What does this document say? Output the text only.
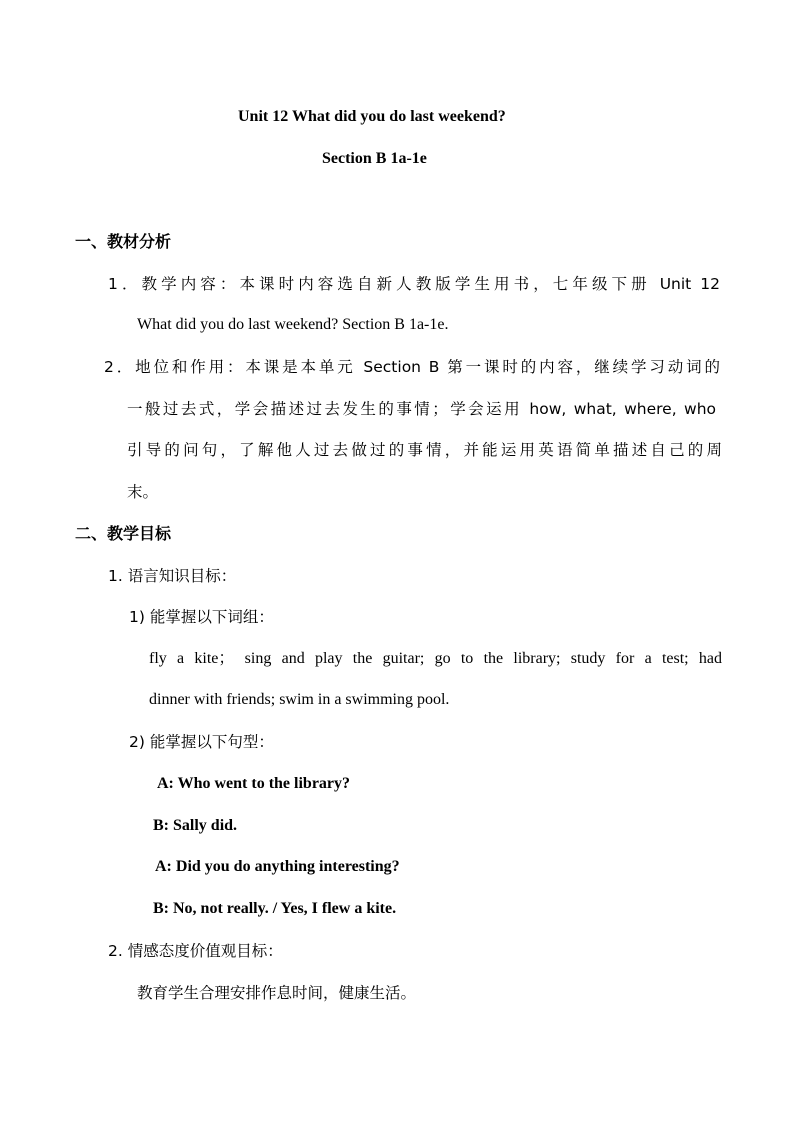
Unit 12 What did you do last weekend?
Section B 1a-1e
一、教材分析
1．教学内容：本课时内容选自新人教版学生用书，七年级下册 Unit 12
What did you do last weekend? Section B 1a-1e.
2．地位和作用：本课是本单元 Section B 第一课时的内容，继续学习动词的
一般过去式，学会描述过去发生的事情；学会运用 how, what, where, who
引导的问句，了解他人过去做过的事情，并能运用英语简单描述自己的周
末。
二、教学目标
1. 语言知识目标：
1) 能掌握以下词组：
fly a kite； sing and play the guitar; go to the library; study for a test; had
dinner with friends; swim in a swimming pool.
2) 能掌握以下句型：
A: Who went to the library?
B: Sally did.
A: Did you do anything interesting?
B: No, not really. / Yes, I flew a kite.
2. 情感态度价值观目标：
教育学生合理安排作息时间，健康生活。
